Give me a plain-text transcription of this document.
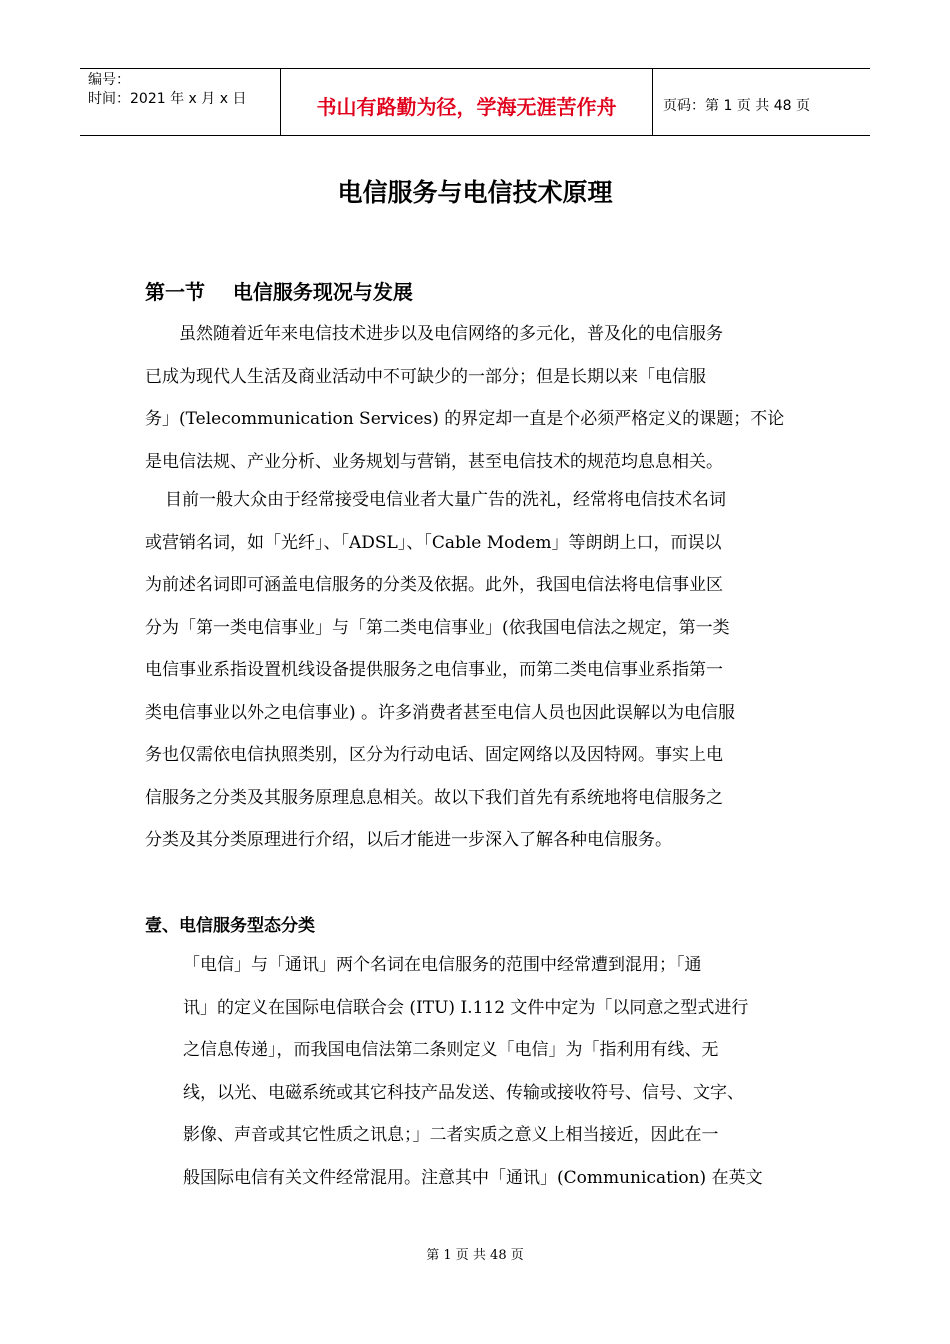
编号：
时间：2021 年 x 月 x 日	书山有路勤为径，学海无涯苦作舟	页码：第 1 页 共 48 页
电信服务与电信技术原理
第一节    电信服务现况与发展
虽然随着近年来电信技术进步以及电信网络的多元化，普及化的电信服务
已成为现代人生活及商业活动中不可缺少的一部分；但是长期以来「电信服
务」(Telecommunication Services) 的界定却一直是个必须严格定义的课题；不论
是电信法规、产业分析、业务规划与营销，甚至电信技术的规范均息息相关。
目前一般大众由于经常接受电信业者大量广告的洗礼，经常将电信技术名词
或营销名词，如「光纤」、「ADSL」、「Cable Modem」等朗朗上口，而误以
为前述名词即可涵盖电信服务的分类及依据。此外，我国电信法将电信事业区
分为「第一类电信事业」与「第二类电信事业」(依我国电信法之规定，第一类
电信事业系指设置机线设备提供服务之电信事业，而第二类电信事业系指第一
类电信事业以外之电信事业) 。许多消费者甚至电信人员也因此误解以为电信服
务也仅需依电信执照类别，区分为行动电话、固定网络以及因特网。事实上电
信服务之分类及其服务原理息息相关。故以下我们首先有系统地将电信服务之
分类及其分类原理进行介绍，以后才能进一步深入了解各种电信服务。
壹、电信服务型态分类
「电信」与「通讯」两个名词在电信服务的范围中经常遭到混用；「通
讯」的定义在国际电信联合会 (ITU) I.112 文件中定为「以同意之型式进行
之信息传递」，而我国电信法第二条则定义「电信」为「指利用有线、无
线，以光、电磁系统或其它科技产品发送、传输或接收符号、信号、文字、
影像、声音或其它性质之讯息；」二者实质之意义上相当接近，因此在一
般国际电信有关文件经常混用。注意其中「通讯」(Communication) 在英文
第 1 页 共 48 页
